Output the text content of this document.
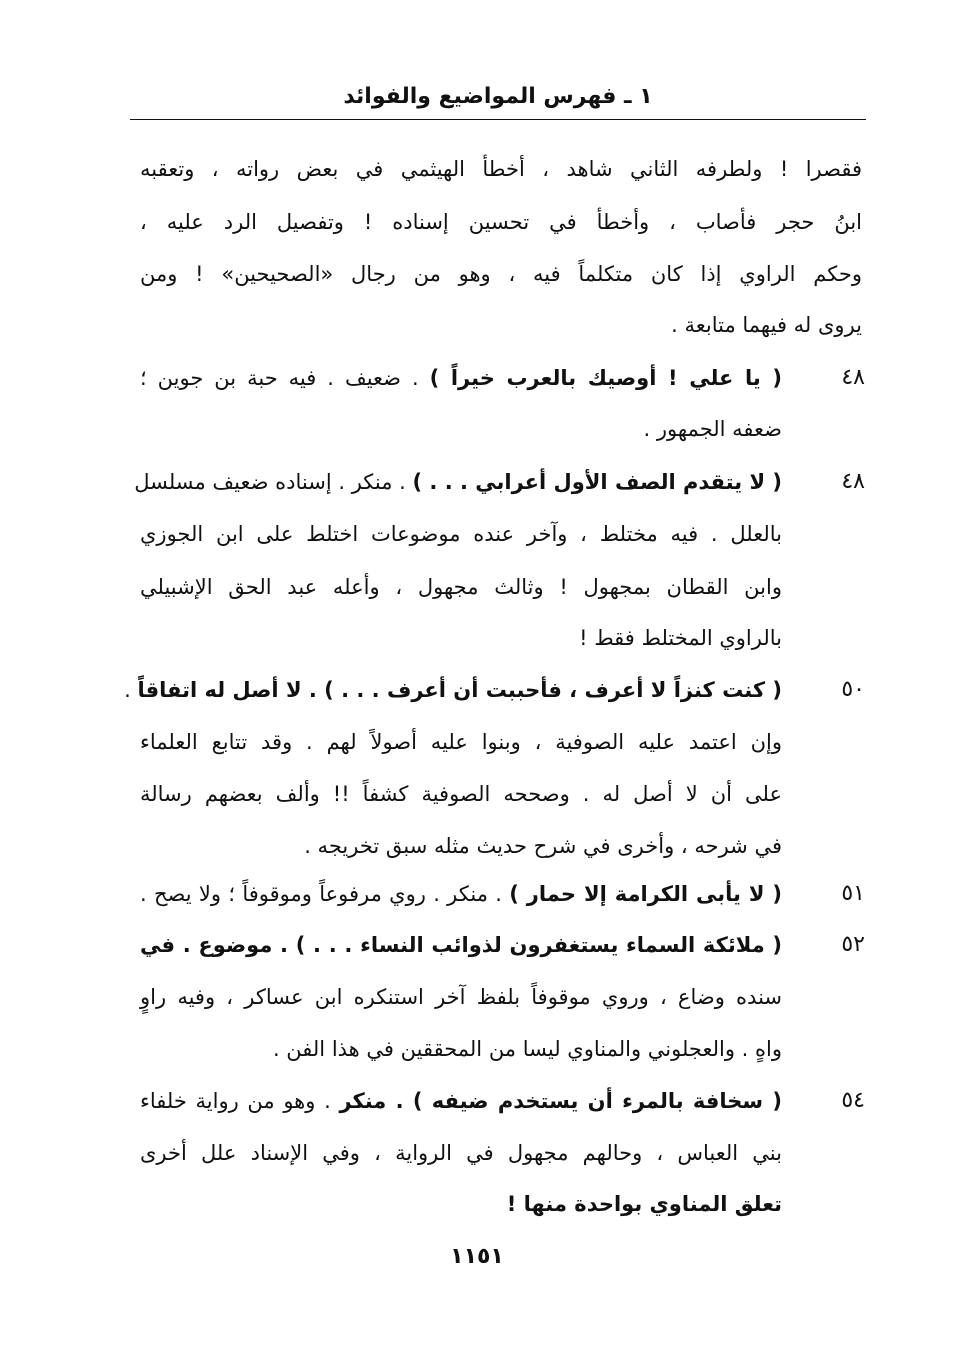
١ ـ فهرس المواضيع والفوائد
فقصرا ! ولطرفه الثاني شاهد ، أخطأ الهيثمي في بعض رواته ، وتعقبه
ابنُ حجر فأصاب ، وأخطأ في تحسين إسناده ! وتفصيل الرد عليه ،
وحكم الراوي إذا كان متكلماً فيه ، وهو من رجال «الصحيحين» ! ومن
يروى له فيهما متابعة .
٤٨
( يا علي ! أوصيك بالعرب خيراً ) . ضعيف . فيه حبة بن جوين ؛
ضعفه الجمهور .
٤٨
( لا يتقدم الصف الأول أعرابي . . . ) . منكر . إسناده ضعيف مسلسل
بالعلل . فيه مختلط ، وآخر عنده موضوعات اختلط على ابن الجوزي
وابن القطان بمجهول ! وثالث مجهول ، وأعله عبد الحق الإشبيلي
بالراوي المختلط فقط !
٥٠
( كنت كنزاً لا أعرف ، فأحببت أن أعرف . . . ) . لا أصل له اتفاقاً .
وإن اعتمد عليه الصوفية ، وبنوا عليه أصولاً لهم . وقد تتابع العلماء
على أن لا أصل له . وصححه الصوفية كشفاً !! وألف بعضهم رسالة
في شرحه ، وأخرى في شرح حديث مثله سبق تخريجه .
٥١
( لا يأبى الكرامة إلا حمار ) . منكر . روي مرفوعاً وموقوفاً ؛ ولا يصح .
٥٢
( ملائكة السماء يستغفرون لذوائب النساء . . . ) . موضوع . في
سنده وضاع ، وروي موقوفاً بلفظ آخر استنكره ابن عساكر ، وفيه راوٍ
واهٍ . والعجلوني والمناوي ليسا من المحققين في هذا الفن .
٥٤
( سخافة بالمرء أن يستخدم ضيفه ) . منكر . وهو من رواية خلفاء
بني العباس ، وحالهم مجهول في الرواية ، وفي الإسناد علل أخرى
تعلق المناوي بواحدة منها !
١١٥١
